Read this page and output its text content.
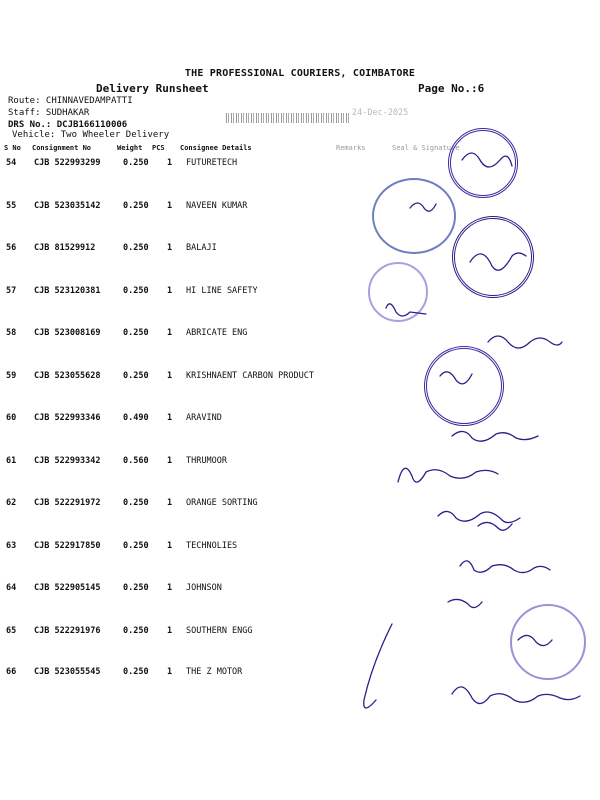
THE PROFESSIONAL COURIERS, COIMBATORE
Delivery Runsheet	Page No.:6
Route: CHINNAVEDAMPATTI
Staff: SUDHAKAR
DRS No.: DCJB166110006
Vehicle: Two Wheeler Delivery
24-Dec-2025
S No Consignment No	Weight PCS Consignee Details	Remarks	Seal & Signature
54 CJB 522993299	0.250 1 FUTURETECH
55 CJB 523035142	0.250 1 NAVEEN KUMAR
56 CJB 81529912	0.250 1 BALAJI
57 CJB 523120381	0.250 1 HI LINE SAFETY
58 CJB 523008169	0.250 1 ABRICATE ENG
59 CJB 523055628	0.250 1 KRISHNAENT CARBON PRODUCT
60 CJB 522993346	0.490 1 ARAVIND
61 CJB 522993342	0.560 1 THRUMOOR
62 CJB 522291972	0.250 1 ORANGE SORTING
63 CJB 522917850	0.250 1 TECHNOLIES
64 CJB 522905145	0.250 1 JOHNSON
65 CJB 522291976	0.250 1 SOUTHERN ENGG
66 CJB 523055545	0.250 1 THE Z MOTOR
